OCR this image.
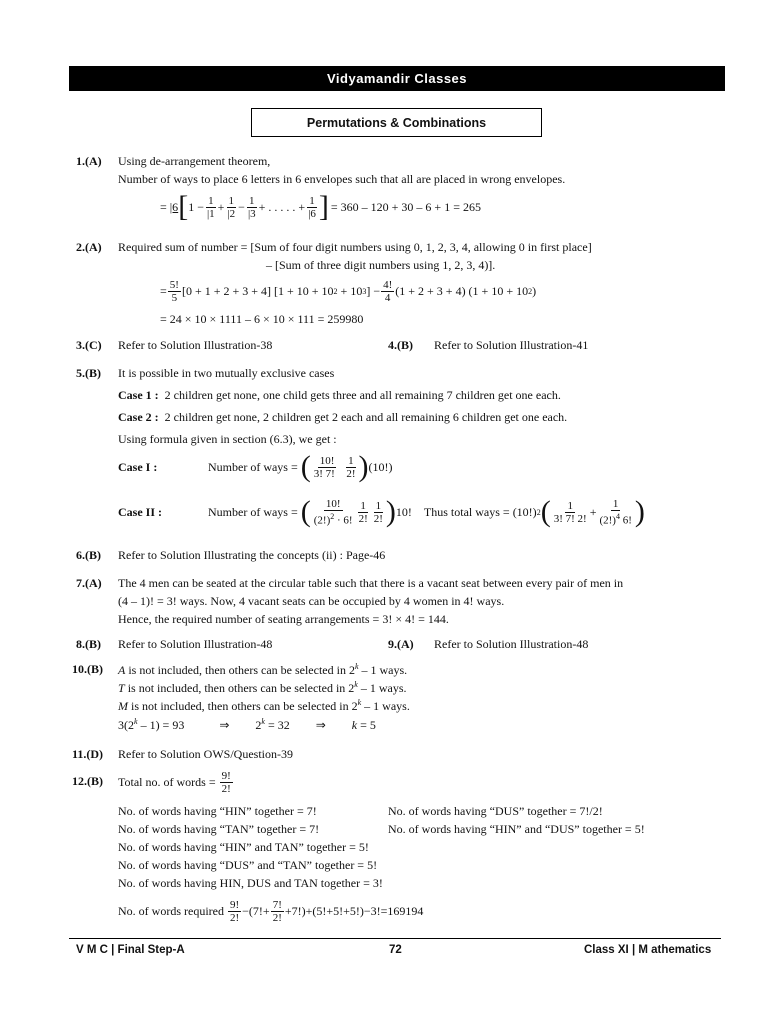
Vidyamandir Classes
Permutations & Combinations
1.(A) Using de-arrangement theorem,
Number of ways to place 6 letters in 6 envelopes such that all are placed in wrong envelopes.
= |6 [ $1 - \frac{1}{|1} + \frac{1}{|2} - \frac{1}{|3}$ + . . . . . + $\frac{1}{|6}$ ] = 360 – 120 + 30 – 6 + 1 = 265
2.(A) Required sum of number = [Sum of four digit numbers using 0, 1, 2, 3, 4, allowing 0 in first place]
– [Sum of three digit numbers using 1, 2, 3, 4)].
= $\frac{5!}{5} [0 + 1 + 2 + 3 + 4] [1 + 10 + 10$ 2 + 10 3 ] − $\frac{4!}{4} (1 + 2 + 3 + 4) (1 + 10 + 10$ 2 )
= 24 × 10 × 1111 – 6 × 10 × 111 = 259980
3.(C) Refer to Solution Illustration-38	4.(B) Refer to Solution Illustration-41
5.(B) It is possible in two mutually exclusive cases
Case 1 : 2 children get none, one child gets three and all remaining 7 children get one each.
Case 2 : 2 children get none, 2 children get 2 each and all remaining 6 children get one each.
Using formula given in section (6.3), we get :
Case I :	Number of ways =
( $\frac{10!}{3! 7!} \frac{1}{2!}$ ) (10!)
Case II :	Number of ways =
( $\frac{10!}{(2!)^2 \cdot 6!} \frac{1}{2!} \frac{1}{2!}$ ) 10! Thus total ways = (10!) 2 ( $\frac{1}{3! 7! 2!} + \frac{1}{(2!)^4 6!}$ )
6.(B) Refer to Solution Illustrating the concepts (ii) : Page-46
7.(A) The 4 men can be seated at the circular table such that there is a vacant seat between every pair of men in
(4 – 1)! = 3! ways. Now, 4 vacant seats can be occupied by 4 women in 4! ways.
Hence, the required number of seating arrangements = 3! × 4! = 144.
8.(B) Refer to Solution Illustration-48	9.(A) Refer to Solution Illustration-48
10.(B) A is not included, then others can be selected in 2$^k$ – 1 ways.
T is not included, then others can be selected in 2$^k$ – 1 ways.
M is not included, then others can be selected in 2$^k$ – 1 ways.
3(2$^k$ – 1) = 93	⇒ $2^k = 32$ ⇒ k = 5
11.(D) Refer to Solution OWS/Question-39
12.(B) Total no. of words =
$\frac{9!}{2!}$
No. of words having “HIN” together = 7!	No. of words having “DUS” together = 7!/2!
No. of words having “TAN” together = 7!	No. of words having “HIN” and “DUS” together = 5!
No. of words having “HIN” and TAN” together = 5!
No. of words having “DUS” and “TAN” together = 5!
No. of words having HIN, DUS and TAN together = 3!
No. of words required
$\frac{9!}{2!} -(7!+ \frac{7!}{2!} +7!)+(5!+5!+5!)-3!=169194$
V M C | Final Step-A	72	Class XI | M athematics
